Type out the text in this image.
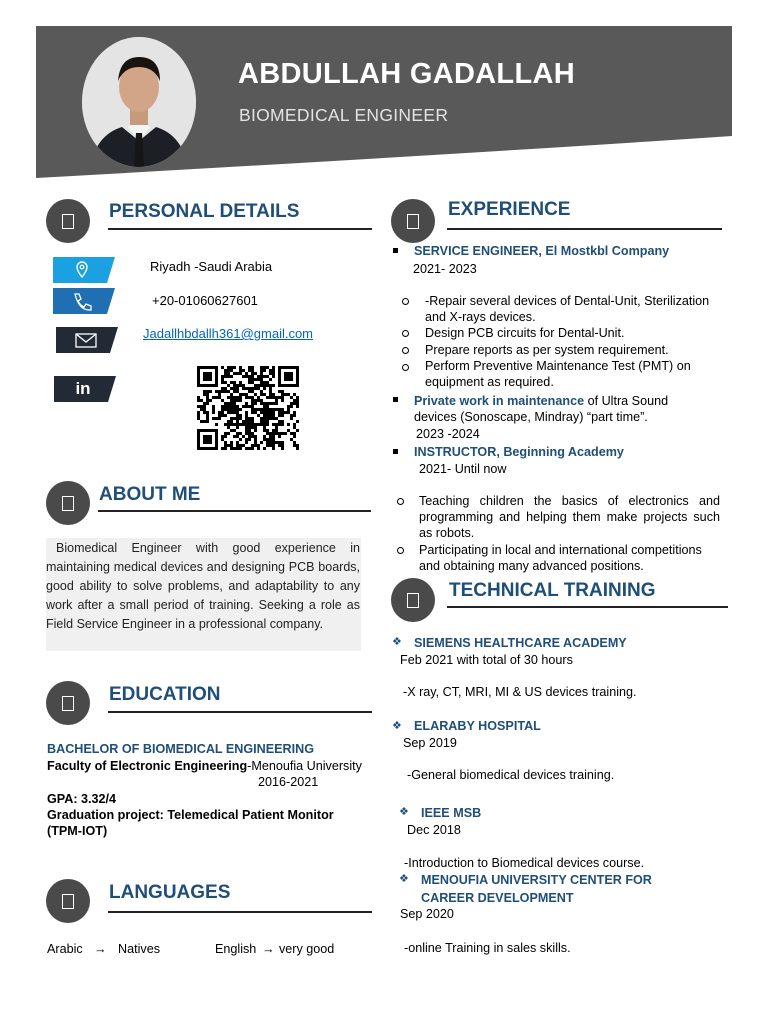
ABDULLAH GADALLAH
BIOMEDICAL ENGINEER
PERSONAL DETAILS
Riyadh -Saudi Arabia
+20-01060627601
Jadallhbdallh361@gmail.com
in
ABOUT ME
Biomedical Engineer with good experience in maintaining medical devices and designing PCB boards, good ability to solve problems, and adaptability to any work after a small period of training. Seeking a role as Field Service Engineer in a professional company.
EDUCATION
BACHELOR OF BIOMEDICAL ENGINEERING
Faculty of Electronic Engineering-Menoufia University
2016-2021
GPA: 3.32/4
Graduation project: Telemedical Patient Monitor
(TPM-IOT)
LANGUAGES
Arabic → Natives	English → very good
EXPERIENCE
SERVICE ENGINEER, El Mostkbl Company
2021- 2023
-Repair several devices of Dental-Unit, Sterilization and X-rays devices.
Design PCB circuits for Dental-Unit.
Prepare reports as per system requirement.
Perform Preventive Maintenance Test (PMT) on equipment as required.
Private work in maintenance of Ultra Sound
devices (Sonoscape, Mindray) “part time”.
2023 -2024
INSTRUCTOR, Beginning Academy
2021- Until now
Teaching children the basics of electronics and programming and helping them make projects such as robots.
Participating in local and international competitions and obtaining many advanced positions.
TECHNICAL TRAINING
❖ SIEMENS HEALTHCARE ACADEMY
Feb 2021 with total of 30 hours
-X ray, CT, MRI, MI & US devices training.
❖ ELARABY HOSPITAL
Sep 2019
-General biomedical devices training.
❖ IEEE MSB
Dec 2018
-Introduction to Biomedical devices course.
❖ MENOUFIA UNIVERSITY CENTER FOR
CAREER DEVELOPMENT
Sep 2020
-online Training in sales skills.
